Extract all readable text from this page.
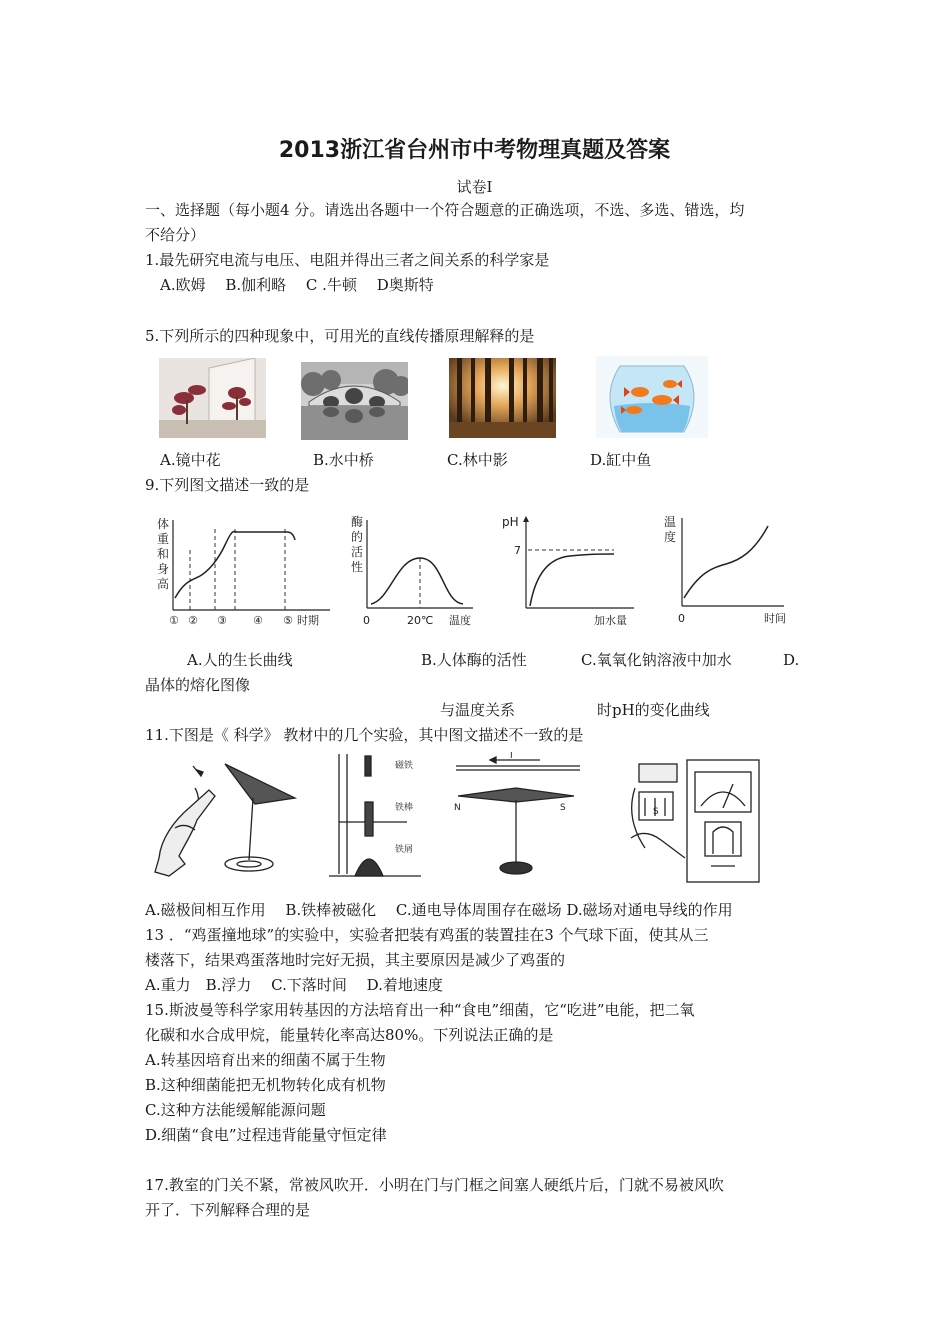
2013浙江省台州市中考物理真题及答案
试卷I
一、选择题（每小题4 分。请选出各题中一个符合题意的正确选项，不选、多选、错选，均
不给分）
1.最先研究电流与电压、电阻并得出三者之间关系的科学家是
A.欧姆　 B.伽利略　 C .牛顿　 D奥斯特
5.下列所示的四种现象中，可用光的直线传播原理解释的是
A.镜中花	B.水中桥	C.林中影	D.缸中鱼
9.下列图文描述一致的是
体
重
和
身
高
① ② ③ ④ ⑤ 时期
酶
的
活
性
0	20℃ 温度
pH
7
加水量
温
度
0	时间
A.人的生长曲线	B.人体酶的活性	C.氧氧化钠溶液中加水	D.
晶体的熔化图像
与温度关系	时pH的变化曲线
11.下图是《 科学》 教材中的几个实验，其中图文描述不一致的是
磁铁
铁棒
铁屑
I
N	S	S
A.磁极间相互作用　 B.铁棒被磁化　 C.通电导体周围存在磁场 D.磁场对通电导线的作用
13 ．“鸡蛋撞地球”的实验中，实验者把装有鸡蛋的装置挂在3 个气球下面，使其从三
楼落下，结果鸡蛋落地时完好无损，其主要原因是减少了鸡蛋的
A.重力　B.浮力　 C.下落时间　 D.着地速度
15.斯波曼等科学家用转基因的方法培育出一种“食电”细菌，它“吃进”电能，把二氧
化碳和水合成甲烷，能量转化率高达80%。下列说法正确的是
A.转基因培育出来的细菌不属于生物
B.这种细菌能把无机物转化成有机物
C.这种方法能缓解能源问题
D.细菌“食电”过程违背能量守恒定律
17.教室的门关不紧，常被风吹开．小明在门与门框之间塞人硬纸片后，门就不易被风吹
开了．下列解释合理的是
